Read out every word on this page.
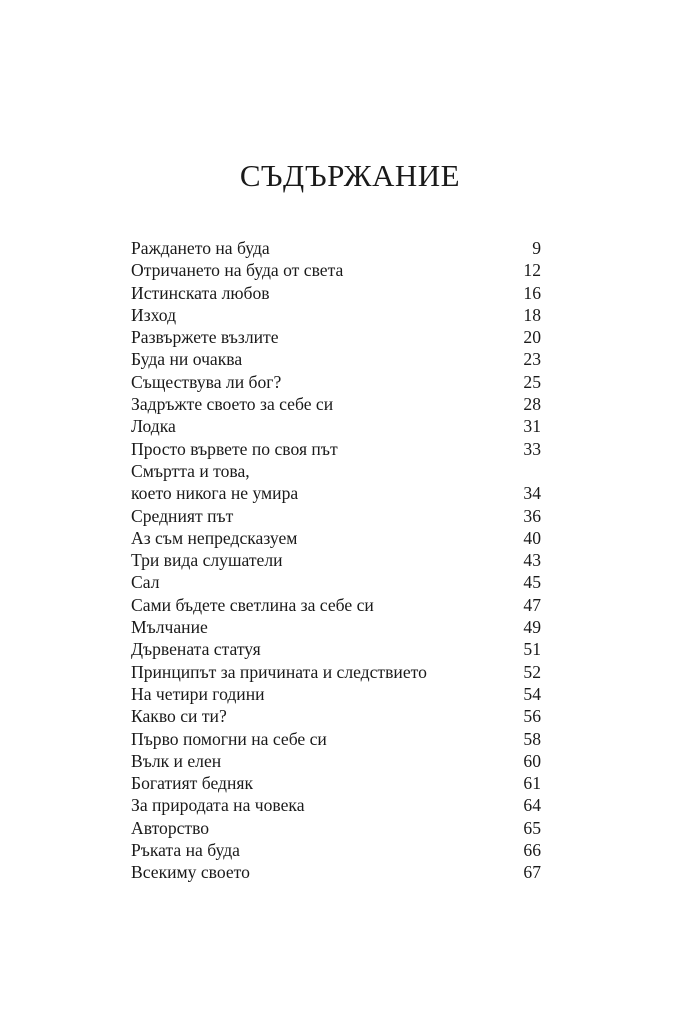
СЪДЪРЖАНИЕ
Раждането на буда	9
Отричането на буда от света	12
Истинската любов	16
Изход	18
Развържете възлите	20
Буда ни очаква	23
Съществува ли бог?	25
Задръжте своето за себе си	28
Лодка	31
Просто вървете по своя път	33
Смъртта и това,
което никога не умира	34
Средният път	36
Аз съм непредсказуем	40
Три вида слушатели	43
Сал	45
Сами бъдете светлина за себе си	47
Мълчание	49
Дървената статуя	51
Принципът за причината и следствието	52
На четири години	54
Какво си ти?	56
Първо помогни на себе си	58
Вълк и елен	60
Богатият бедняк	61
За природата на човека	64
Авторство	65
Ръката на буда	66
Всекиму своето	67
